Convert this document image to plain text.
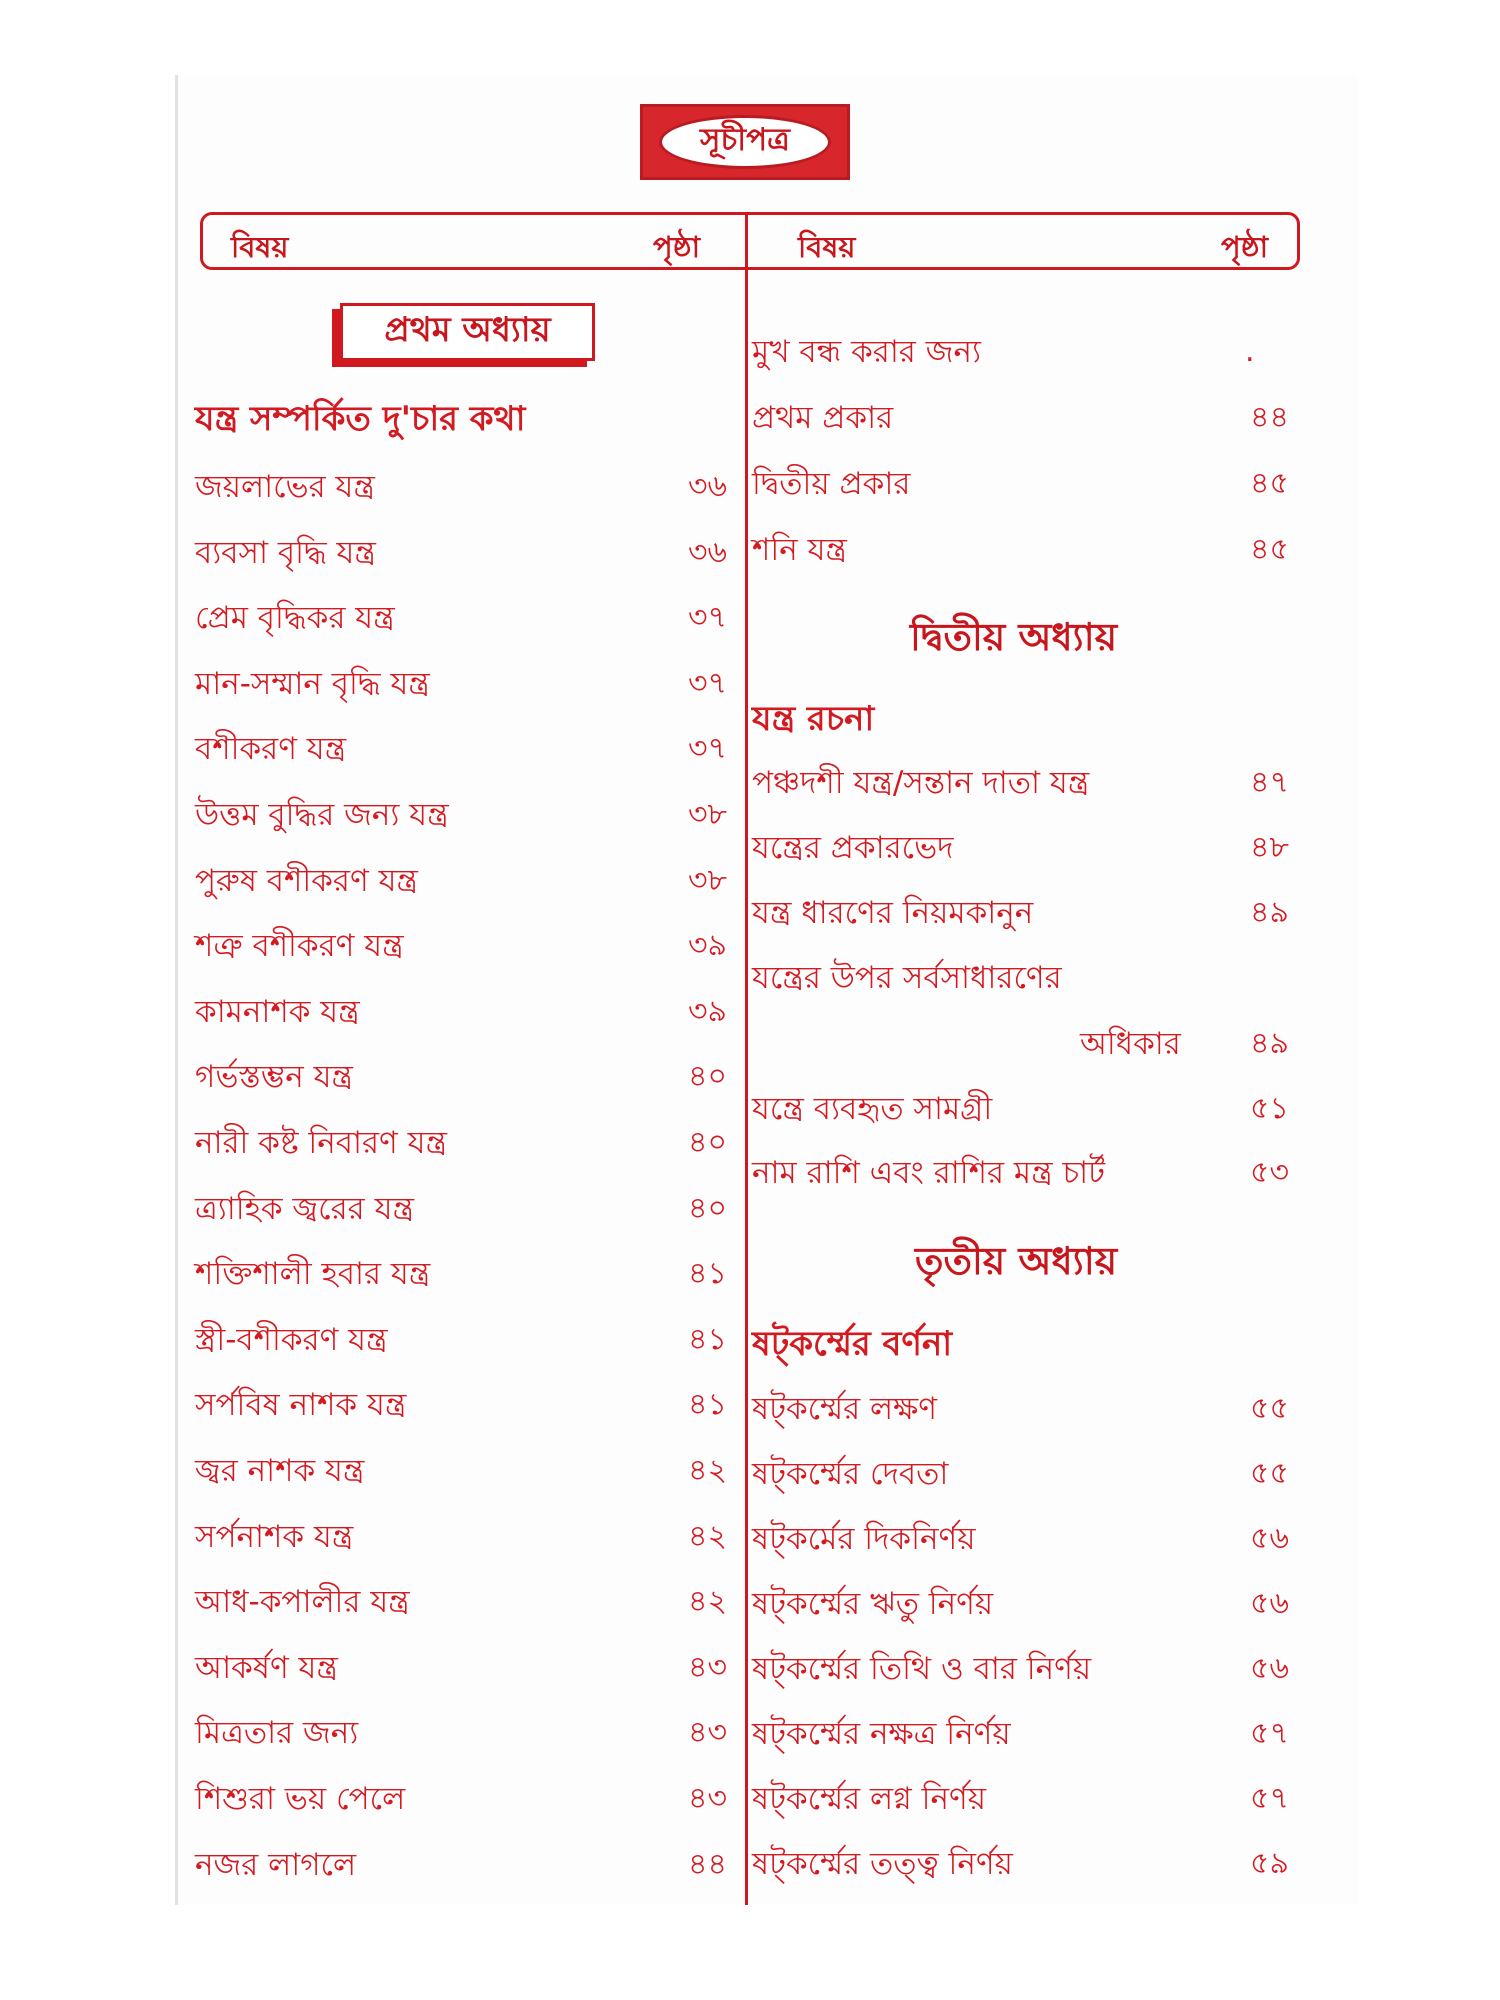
সূচীপত্র
বিষয়	পৃষ্ঠা	বিষয়	পৃষ্ঠা
প্রথম অধ্যায়
যন্ত্র সম্পর্কিত দু'চার কথা
জয়লাভের যন্ত্র	৩৬
ব্যবসা বৃদ্ধি যন্ত্র	৩৬
প্রেম বৃদ্ধিকর যন্ত্র	৩৭
মান-সম্মান বৃদ্ধি যন্ত্র	৩৭
বশীকরণ যন্ত্র	৩৭
উত্তম বুদ্ধির জন্য যন্ত্র	৩৮
পুরুষ বশীকরণ যন্ত্র	৩৮
শত্রু বশীকরণ যন্ত্র	৩৯
কামনাশক যন্ত্র	৩৯
গর্ভস্তম্ভন যন্ত্র	৪০
নারী কষ্ট নিবারণ যন্ত্র	৪০
ত্র্যাহিক জ্বরের যন্ত্র	৪০
শক্তিশালী হবার যন্ত্র	৪১
স্ত্রী-বশীকরণ যন্ত্র	৪১
সর্পবিষ নাশক যন্ত্র	৪১
জ্বর নাশক যন্ত্র	৪২
সর্পনাশক যন্ত্র	৪২
আধ-কপালীর যন্ত্র	৪২
আকর্ষণ যন্ত্র	৪৩
মিত্রতার জন্য	৪৩
শিশুরা ভয় পেলে	৪৩
নজর লাগলে	৪৪
প্রথম প্রকার	৪৪
দ্বিতীয় প্রকার	৪৫
শনি যন্ত্র	৪৫
পঞ্চদশী যন্ত্র/সন্তান দাতা যন্ত্র	৪৭
যন্ত্রের প্রকারভেদ	৪৮
যন্ত্র ধারণের নিয়মকানুন	৪৯
যন্ত্রে ব্যবহৃত সামগ্রী	৫১
নাম রাশি এবং রাশির মন্ত্র চার্ট	৫৩
ষট্‌কর্ম্মের লক্ষণ	৫৫
ষট্‌কর্ম্মের দেবতা	৫৫
ষট্‌কর্মের দিকনির্ণয়	৫৬
ষট্‌কর্ম্মের ঋতু নির্ণয়	৫৬
ষট্‌কর্ম্মের তিথি ও বার নির্ণয়	৫৬
ষট্‌কর্ম্মের নক্ষত্র নির্ণয়	৫৭
ষট্‌কর্ম্মের লগ্ন নির্ণয়	৫৭
ষট্‌কর্ম্মের তত্ত্ব নির্ণয়	৫৯
মুখ বন্ধ করার জন্য	.
দ্বিতীয় অধ্যায়
যন্ত্র রচনা
যন্ত্রের উপর সর্বসাধারণের
অধিকার ৪৯
তৃতীয় অধ্যায়
ষট্‌কর্ম্মের বর্ণনা
